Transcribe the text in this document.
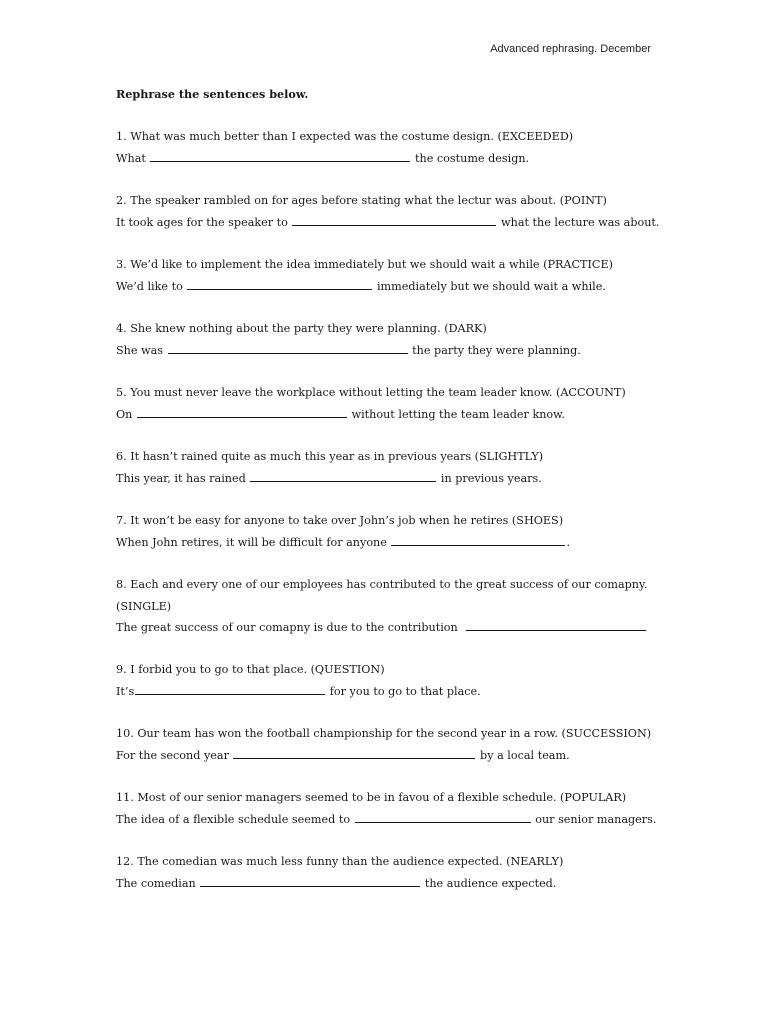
Advanced rephrasing. December
Rephrase the sentences below.
1. What was much better than I expected was the costume design. (EXCEEDED)
What	the costume design.
2. The speaker rambled on for ages before stating what the lectur was about. (POINT)
It took ages for the speaker to	what the lecture was about.
3. We’d like to implement the idea immediately but we should wait a while (PRACTICE)
We’d like to	immediately but we should wait a while.
4. She knew nothing about the party they were planning. (DARK)
She was	the party they were planning.
5. You must never leave the workplace without letting the team leader know. (ACCOUNT)
On	without letting the team leader know.
6. It hasn’t rained quite as much this year as in previous years (SLIGHTLY)
This year, it has rained	in previous years.
7. It won’t be easy for anyone to take over John’s job when he retires (SHOES)
When John retires, it will be difficult for anyone	.
8. Each and every one of our employees has contributed to the great success of our comapny.
(SINGLE)
The great success of our comapny is due to the contribution
9. I forbid you to go to that place. (QUESTION)
It’s	for you to go to that place.
10. Our team has won the football championship for the second year in a row. (SUCCESSION)
For the second year	by a local team.
11. Most of our senior managers seemed to be in favou of a flexible schedule. (POPULAR)
The idea of a flexible schedule seemed to	our senior managers.
12. The comedian was much less funny than the audience expected. (NEARLY)
The comedian	the audience expected.
